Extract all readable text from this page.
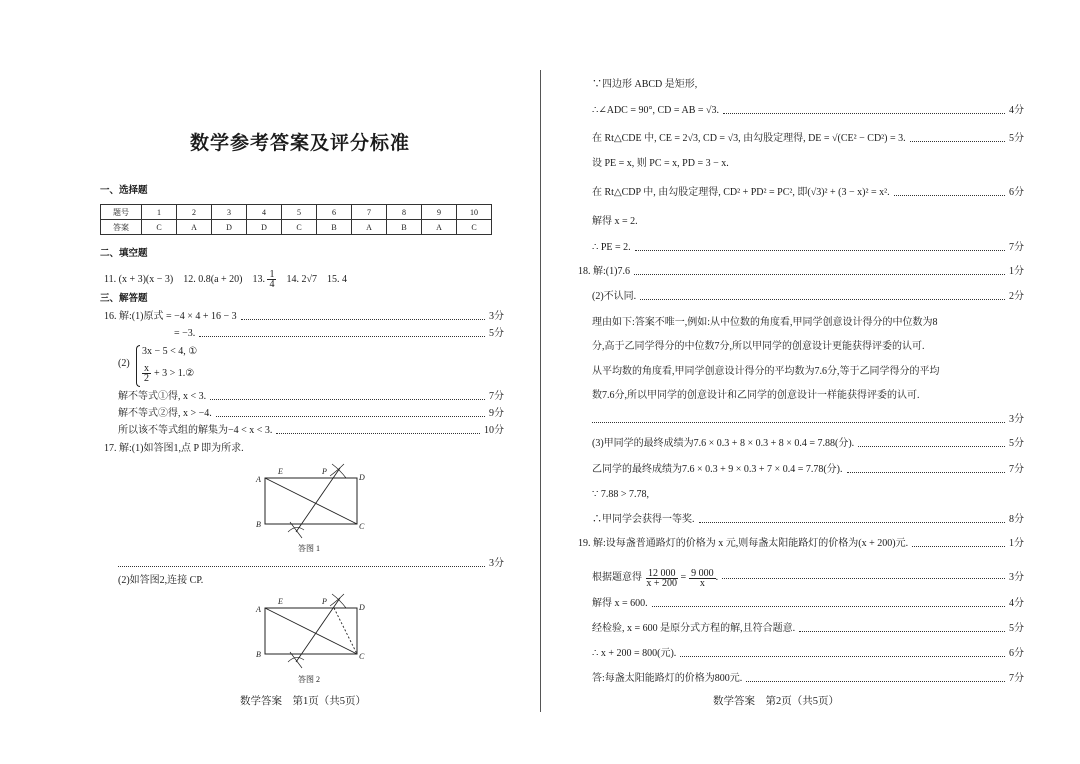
数学参考答案及评分标准
一、选择题
题号	1	2	3	4	5	6	7	8	9	10
答案	C	A	D	D	C	B	A	B	A	C
二、填空题
11. (x + 3)(x − 3) 12. 0.8(a + 20) 13. $\frac{1}{4} 14$. 2√7 15. 4
三、解答题
16. 解:(1)原式 = −4 × 4 + 16 − 3	3分
= −3.	5分
(2)
3x − 5 < 4, ①
$\frac{x}{2} + 3$ > 1.②
解不等式①得, x < 3.	7分
解不等式②得, x > −4.	9分
所以该不等式组的解集为−4 < x < 3.	10分
17. 解:(1)如答图1,点 P 即为所求.
A
B	C
D
E	P
答图 1
3分
(2)如答图2,连接 CP.
A
B	C
D
E	P
答图 2
数学答案　第1页（共5页）
∵四边形 ABCD 是矩形,
∴∠ADC = 90°, CD = AB = √3.	4分
在 Rt△CDE 中, CE = 2√3, CD = √3, 由勾股定理得, DE = √(CE² − CD²) = 3.	5分
设 PE = x, 则 PC = x, PD = 3 − x.
在 Rt△CDP 中, 由勾股定理得, CD² + PD² = PC², 即(√3)² + (3 − x)² = x².	6分
解得 x = 2.
∴ PE = 2.	7分
18. 解:(1)7.6	1分
(2)不认同.	2分
理由如下:答案不唯一,例如:从中位数的角度看,甲同学创意设计得分的中位数为8
分,高于乙同学得分的中位数7分,所以甲同学的创意设计更能获得评委的认可.
从平均数的角度看,甲同学创意设计得分的平均数为7.6分,等于乙同学得分的平均
数7.6分,所以甲同学的创意设计和乙同学的创意设计一样能获得评委的认可.
3分
(3)甲同学的最终成绩为7.6 × 0.3 + 8 × 0.3 + 8 × 0.4 = 7.88(分).	5分
乙同学的最终成绩为7.6 × 0.3 + 9 × 0.3 + 7 × 0.4 = 7.78(分).	7分
∵ 7.88 > 7.78,
∴甲同学会获得一等奖.	8分
19. 解:设每盏普通路灯的价格为 x 元,则每盏太阳能路灯的价格为(x + 200)元.	1分
根据题意得 $\frac{12 000}{x + 200} = \frac{9 000}{x}$ .	3分
解得 x = 600.	4分
经检验, x = 600 是原分式方程的解,且符合题意.	5分
∴ x + 200 = 800(元).	6分
答:每盏太阳能路灯的价格为800元.	7分
数学答案　第2页（共5页）
